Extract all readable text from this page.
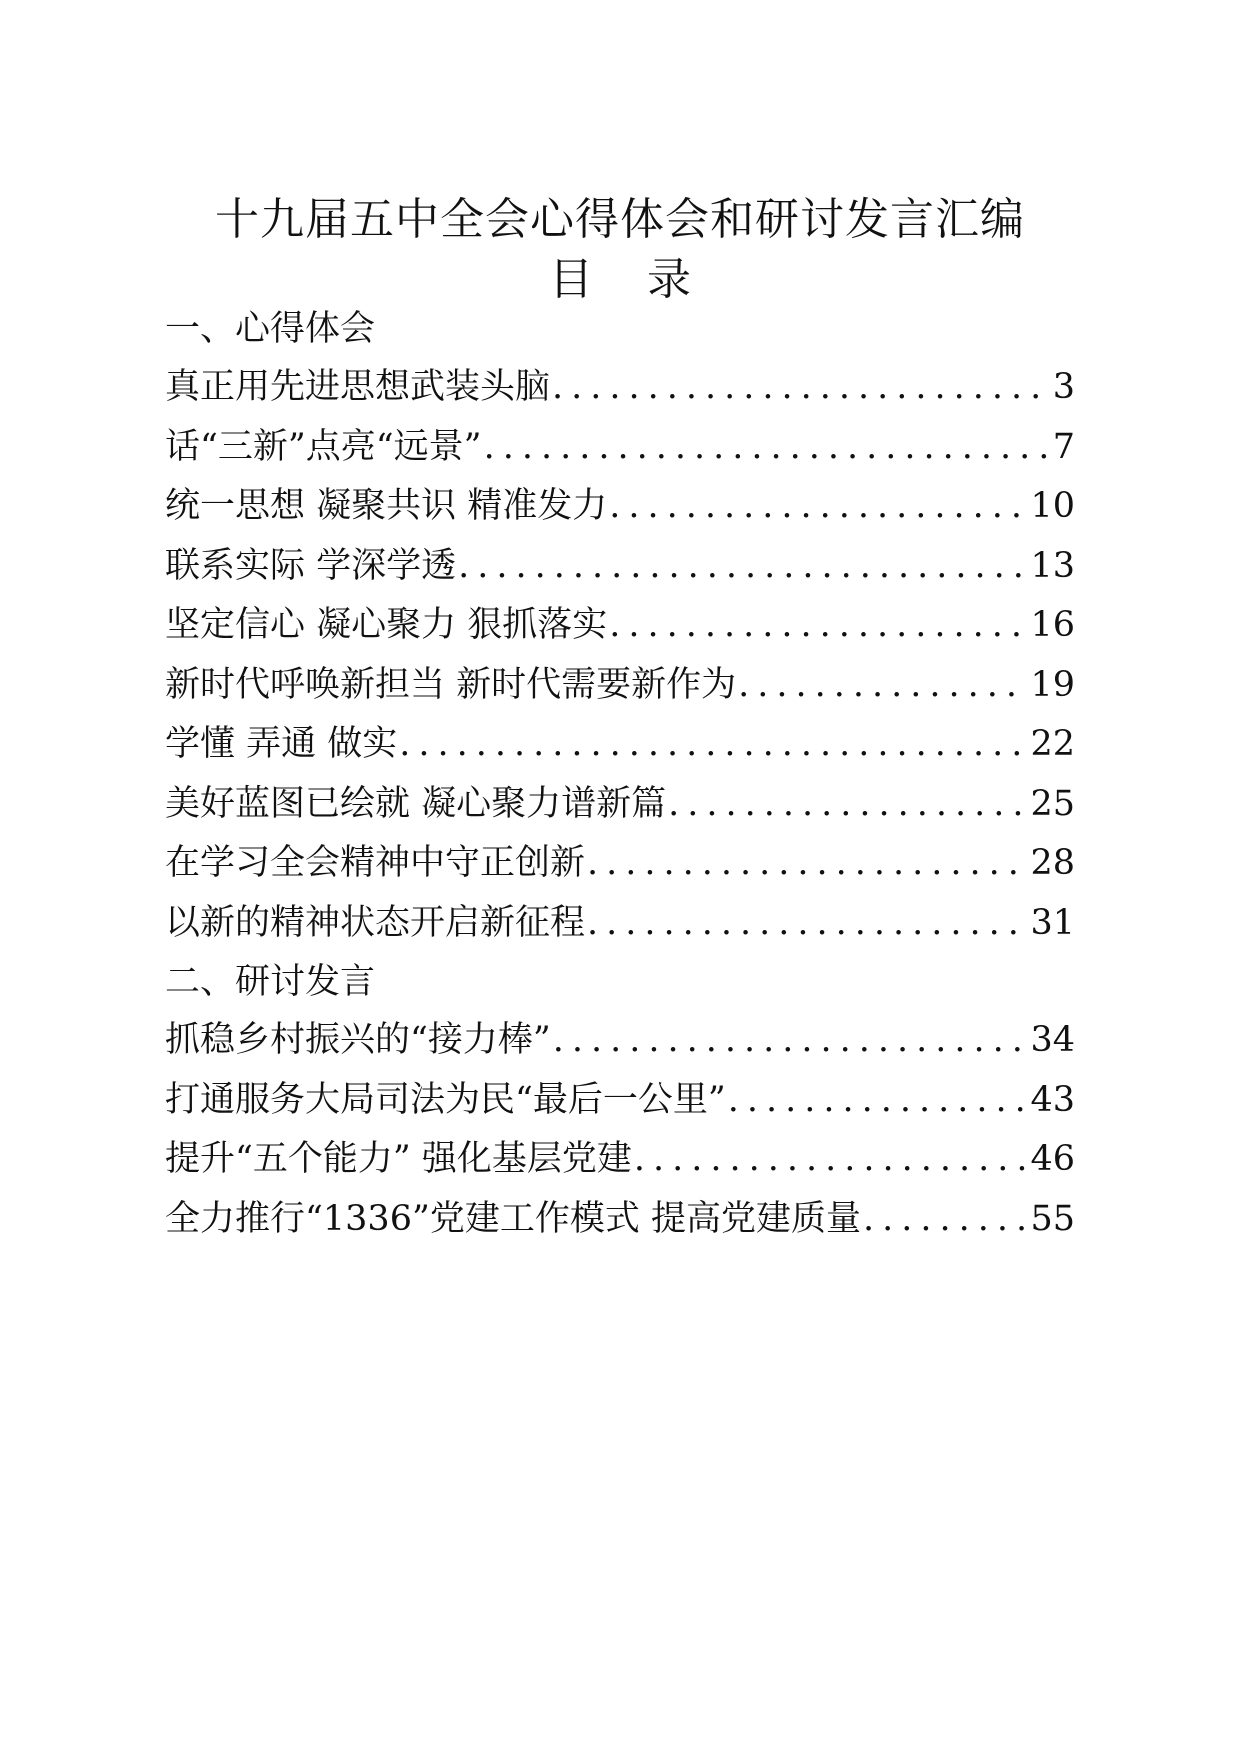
十九届五中全会心得体会和研讨发言汇编
目 录
一、心得体会
真正用先进思想武装头脑 .....	3
话“三新”点亮“远景” .....	7
统一思想 凝聚共识 精准发力 .....	10
联系实际 学深学透 .....	13
坚定信心 凝心聚力 狠抓落实 .....	16
新时代呼唤新担当 新时代需要新作为 .....	19
学懂 弄通 做实 .....	22
美好蓝图已绘就 凝心聚力谱新篇 .....	25
在学习全会精神中守正创新 .....	28
以新的精神状态开启新征程 .....	31
二、研讨发言
抓稳乡村振兴的“接力棒” .....	34
打通服务大局司法为民“最后一公里” .....	43
提升“五个能力” 强化基层党建 .....	46
全力推行“1336”党建工作模式 提高党建质量 .....	55
